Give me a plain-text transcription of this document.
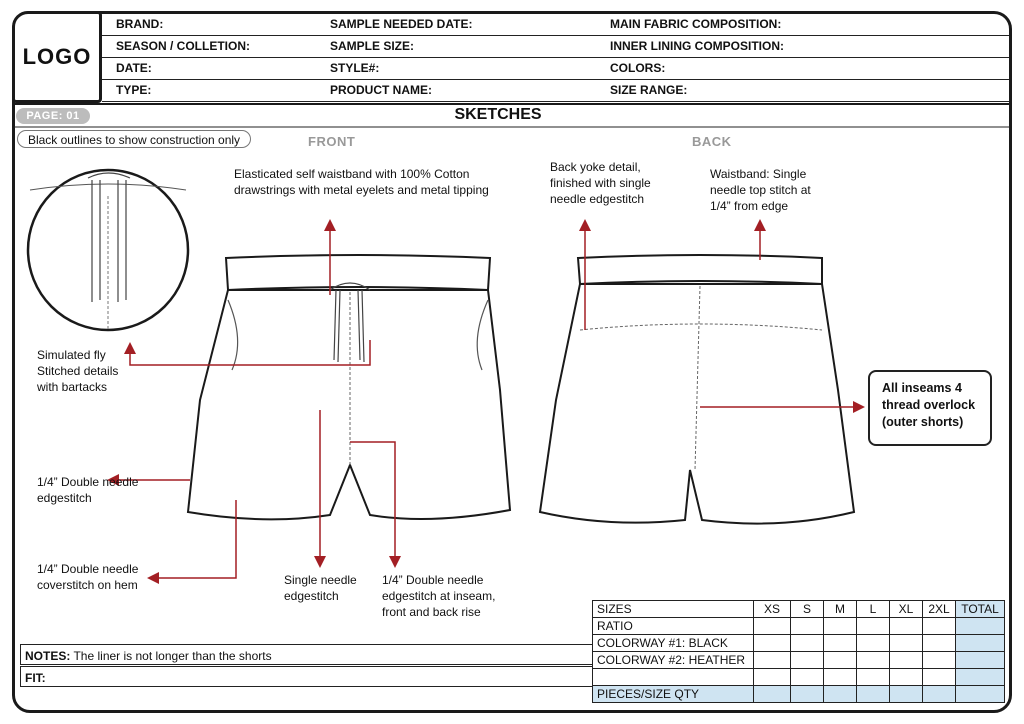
LOGO
BRAND:	SAMPLE NEEDED DATE:	MAIN FABRIC COMPOSITION:
SEASON / COLLETION:	SAMPLE SIZE:	INNER LINING COMPOSITION:
DATE:	STYLE#:	COLORS:
TYPE:	PRODUCT NAME:	SIZE RANGE:
PAGE: 01	SKETCHES
Black outlines to show construction only	FRONT	BACK
Elasticated self waistband with 100% Cotton drawstrings with metal eyelets and metal tipping
Back yoke detail, finished with single needle edgestitch
Waistband: Single needle top stitch at 1/4” from edge
Simulated fly Stitched details with bartacks
1/4” Double needle edgestitch
1/4” Double needle coverstitch on hem	Single needle edgestitch
1/4” Double needle edgestitch at inseam, front and back rise
All inseams 4 thread overlock (outer shorts)
NOTES: The liner is not longer than the shorts
FIT:
SIZES	XS	S	M	L	XL	2XL	TOTAL
RATIO							
COLORWAY #1: BLACK							
COLORWAY #2: HEATHER							

PIECES/SIZE QTY							
